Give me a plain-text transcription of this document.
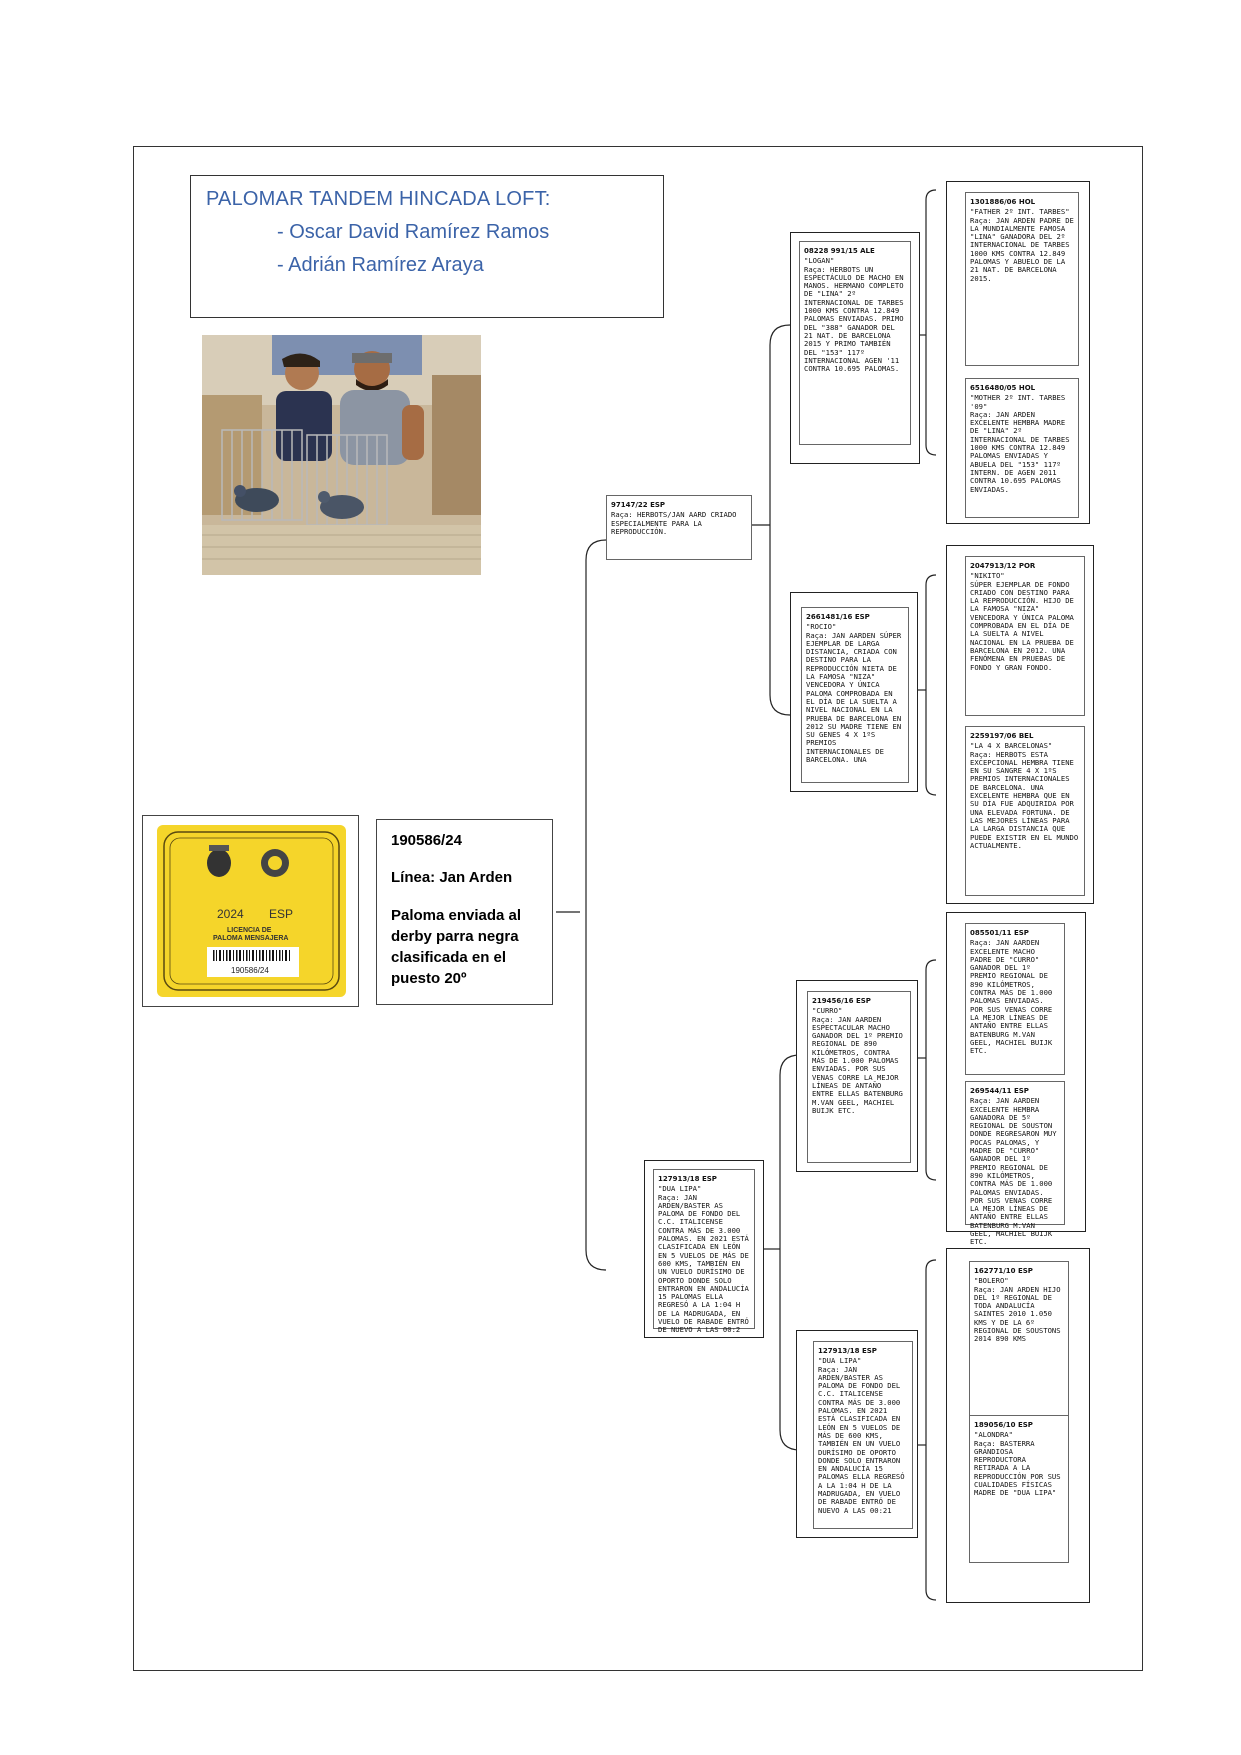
PALOMAR TANDEM HINCADA LOFT:
- Oscar David Ramírez Ramos
- Adrián Ramírez Araya
2024 ESP
LICENCIA DE
PALOMA MENSAJERA
190586/24
190586/24
Línea: Jan Arden
Paloma enviada al derby parra negra clasificada en el puesto 20º
97147/22 ESP
Raça: HERBOTS/JAN AARD CRIADO ESPECIALMENTE PARA LA REPRODUCCIÓN.
127913/18 ESP
"DUA LIPA"
Raça: JAN ARDEN/BASTER AS PALOMA DE FONDO DEL C.C. ITALICENSE CONTRA MÁS DE 3.000 PALOMAS. EN 2021 ESTÁ CLASIFICADA EN LEÓN EN 5 VUELOS DE MÁS DE 600 KMS, TAMBIÉN EN UN VUELO DURÍSIMO DE OPORTO DONDE SOLO ENTRARON EN ANDALUCÍA 15 PALOMAS ELLA REGRESÓ A LA 1:04 H DE LA MADRUGADA, EN VUELO DE RABADE ENTRÓ DE NUEVO A LAS 00:2
08228 991/15 ALE
"LOGAN"
Raça: HERBOTS UN ESPECTÁCULO DE MACHO EN MANOS. HERMANO COMPLETO DE "LINA" 2º INTERNACIONAL DE TARBES 1000 KMS CONTRA 12.849 PALOMAS ENVIADAS. PRIMO DEL "388" GANADOR DEL 21 NAT. DE BARCELONA 2015 Y PRIMO TAMBIÉN DEL "153" 117º INTERNACIONAL AGEN '11 CONTRA 10.695 PALOMAS.
2661481/16 ESP
"ROCIO"
Raça: JAN AARDEN SÚPER EJEMPLAR DE LARGA DISTANCIA, CRIADA CON DESTINO PARA LA REPRODUCCIÓN NIETA DE LA FAMOSA "NIZA" VENCEDORA Y ÚNICA PALOMA COMPROBADA EN EL DÍA DE LA SUELTA A NIVEL NACIONAL EN LA PRUEBA DE BARCELONA EN 2012 SU MADRE TIENE EN SU GENES 4 X 1ºS PREMIOS INTERNACIONALES DE BARCELONA. UNA
219456/16 ESP
"CURRO"
Raça: JAN AARDEN ESPECTACULAR MACHO GANADOR DEL 1º PREMIO REGIONAL DE 890 KILÓMETROS, CONTRA MÁS DE 1.000 PALOMAS ENVIADAS. POR SUS VENAS CORRE LA MEJOR LÍNEAS DE ANTAÑO ENTRE ELLAS BATENBURG M.VAN GEEL, MACHIEL BUIJK ETC.
127913/18 ESP
"DUA LIPA"
Raça: JAN ARDEN/BASTER AS PALOMA DE FONDO DEL C.C. ITALICENSE CONTRA MÁS DE 3.000 PALOMAS. EN 2021 ESTÁ CLASIFICADA EN LEÓN EN 5 VUELOS DE MÁS DE 600 KMS, TAMBIÉN EN UN VUELO DURÍSIMO DE OPORTO DONDE SOLO ENTRARON EN ANDALUCÍA 15 PALOMAS ELLA REGRESÓ A LA 1:04 H DE LA MADRUGADA, EN VUELO DE RABADE ENTRÓ DE NUEVO A LAS 00:21
1301886/06 HOL
"FATHER 2º INT. TARBES"
Raça: JAN ARDEN PADRE DE LA MUNDIALMENTE FAMOSA "LINA" GANADORA DEL 2º INTERNACIONAL DE TARBES 1000 KMS CONTRA 12.849 PALOMAS Y ABUELO DE LA 21 NAT. DE BARCELONA 2015.
6516480/05 HOL
"MOTHER 2º INT. TARBES '09"
Raça: JAN ARDEN EXCELENTE HEMBRA MADRE DE "LINA" 2º INTERNACIONAL DE TARBES 1000 KMS CONTRA 12.849 PALOMAS ENVIADAS Y ABUELA DEL "153" 117º INTERN. DE AGEN 2011 CONTRA 10.695 PALOMAS ENVIADAS.
2047913/12 POR
"NIKITO"
SÚPER EJEMPLAR DE FONDO CRIADO CON DESTINO PARA LA REPRODUCCIÓN. HIJO DE LA FAMOSA "NIZA" VENCEDORA Y ÚNICA PALOMA COMPROBADA EN EL DÍA DE LA SUELTA A NIVEL NACIONAL EN LA PRUEBA DE BARCELONA EN 2012. UNA FENÓMENA EN PRUEBAS DE FONDO Y GRAN FONDO.
2259197/06 BEL
"LA 4 X BARCELONAS"
Raça: HERBOTS ESTA EXCEPCIONAL HEMBRA TIENE EN SU SANGRE 4 X 1ºS PREMIOS INTERNACIONALES DE BARCELONA. UNA EXCELENTE HEMBRA QUE EN SU DÍA FUE ADQUIRIDA POR UNA ELEVADA FORTUNA. DE LAS MEJORES LÍNEAS PARA LA LARGA DISTANCIA QUE PUEDE EXISTIR EN EL MUNDO ACTUALMENTE.
085501/11 ESP
Raça: JAN AARDEN EXCELENTE MACHO PADRE DE "CURRO" GANADOR DEL 1º PREMIO REGIONAL DE 890 KILÓMETROS, CONTRA MÁS DE 1.000 PALOMAS ENVIADAS. POR SUS VENAS CORRE LA MEJOR LÍNEAS DE ANTAÑO ENTRE ELLAS BATENBURG M.VAN GEEL, MACHIEL BUIJK ETC.
269544/11 ESP
Raça: JAN AARDEN EXCELENTE HEMBRA GANADORA DE 5º REGIONAL DE SOUSTON DONDE REGRESARON MUY POCAS PALOMAS, Y MADRE DE "CURRO" GANADOR DEL 1º PREMIO REGIONAL DE 890 KILÓMETROS, CONTRA MÁS DE 1.000 PALOMAS ENVIADAS. POR SUS VENAS CORRE LA MEJOR LÍNEAS DE ANTAÑO ENTRE ELLAS BATENBURG M.VAN GEEL, MACHIEL BUIJK ETC.
162771/10 ESP
"BOLERO"
Raça: JAN ARDEN HIJO DEL 1º REGIONAL DE TODA ANDALUCÍA SAINTES 2010 1.050 KMS Y DE LA 6º REGIONAL DE SOUSTONS 2014 890 KMS
189056/10 ESP
"ALONDRA"
Raça: BASTERRA GRANDIOSA REPRODUCTORA RETIRADA A LA REPRODUCCIÓN POR SUS CUALIDADES FÍSICAS MADRE DE "DUA LIPA"
